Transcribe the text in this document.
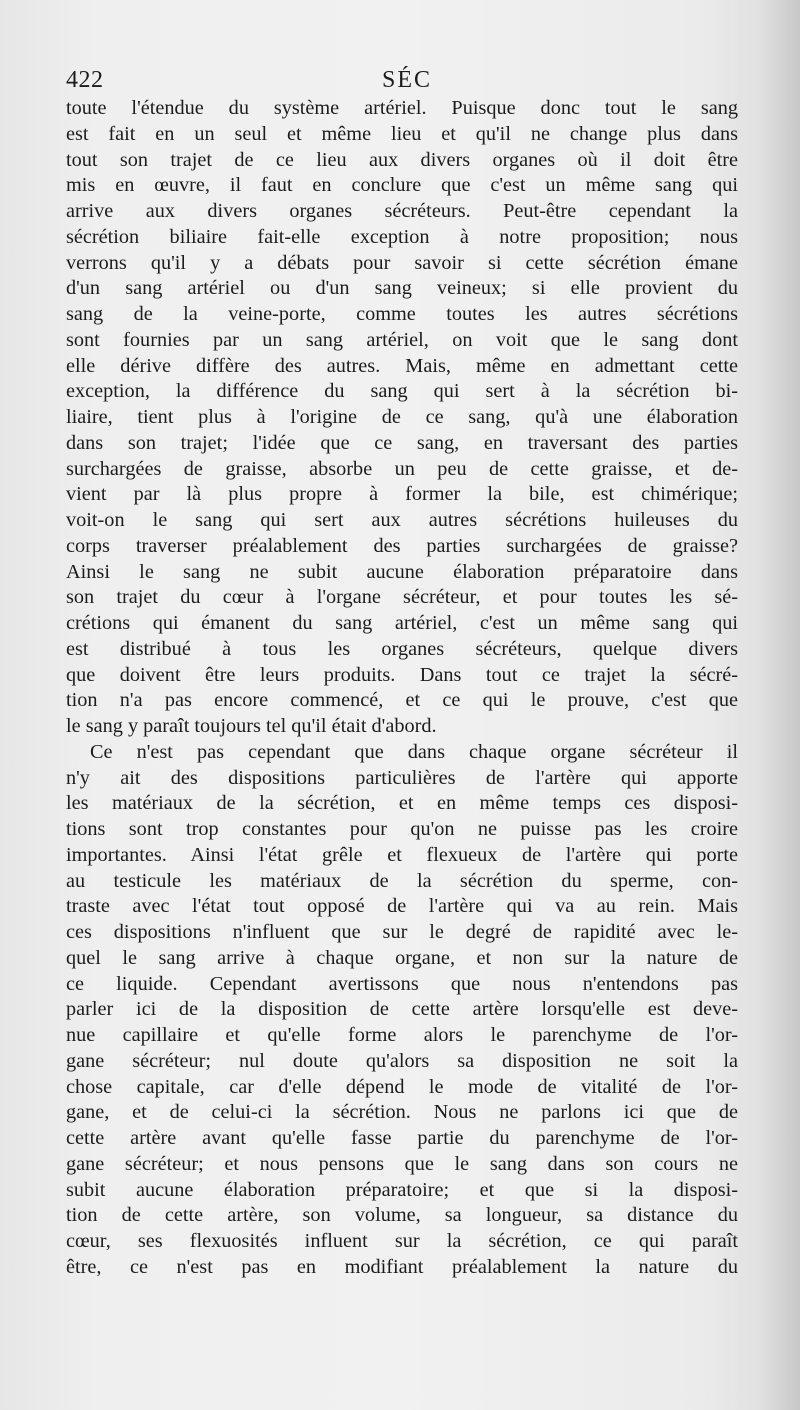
422	SÉC
toute l'étendue du système artériel. Puisque donc tout le sang
est fait en un seul et même lieu et qu'il ne change plus dans
tout son trajet de ce lieu aux divers organes où il doit être
mis en œuvre, il faut en conclure que c'est un même sang qui
arrive aux divers organes sécréteurs. Peut-être cependant la
sécrétion biliaire fait-elle exception à notre proposition; nous
verrons qu'il y a débats pour savoir si cette sécrétion émane
d'un sang artériel ou d'un sang veineux; si elle provient du
sang de la veine-porte, comme toutes les autres sécrétions
sont fournies par un sang artériel, on voit que le sang dont
elle dérive diffère des autres. Mais, même en admettant cette
exception, la différence du sang qui sert à la sécrétion bi-
liaire, tient plus à l'origine de ce sang, qu'à une élaboration
dans son trajet; l'idée que ce sang, en traversant des parties
surchargées de graisse, absorbe un peu de cette graisse, et de-
vient par là plus propre à former la bile, est chimérique;
voit-on le sang qui sert aux autres sécrétions huileuses du
corps traverser préalablement des parties surchargées de graisse?
Ainsi le sang ne subit aucune élaboration préparatoire dans
son trajet du cœur à l'organe sécréteur, et pour toutes les sé-
crétions qui émanent du sang artériel, c'est un même sang qui
est distribué à tous les organes sécréteurs, quelque divers
que doivent être leurs produits. Dans tout ce trajet la sécré-
tion n'a pas encore commencé, et ce qui le prouve, c'est que
le sang y paraît toujours tel qu'il était d'abord.
Ce n'est pas cependant que dans chaque organe sécréteur il
n'y ait des dispositions particulières de l'artère qui apporte
les matériaux de la sécrétion, et en même temps ces disposi-
tions sont trop constantes pour qu'on ne puisse pas les croire
importantes. Ainsi l'état grêle et flexueux de l'artère qui porte
au testicule les matériaux de la sécrétion du sperme, con-
traste avec l'état tout opposé de l'artère qui va au rein. Mais
ces dispositions n'influent que sur le degré de rapidité avec le-
quel le sang arrive à chaque organe, et non sur la nature de
ce liquide. Cependant avertissons que nous n'entendons pas
parler ici de la disposition de cette artère lorsqu'elle est deve-
nue capillaire et qu'elle forme alors le parenchyme de l'or-
gane sécréteur; nul doute qu'alors sa disposition ne soit la
chose capitale, car d'elle dépend le mode de vitalité de l'or-
gane, et de celui-ci la sécrétion. Nous ne parlons ici que de
cette artère avant qu'elle fasse partie du parenchyme de l'or-
gane sécréteur; et nous pensons que le sang dans son cours ne
subit aucune élaboration préparatoire; et que si la disposi-
tion de cette artère, son volume, sa longueur, sa distance du
cœur, ses flexuosités influent sur la sécrétion, ce qui paraît
être, ce n'est pas en modifiant préalablement la nature du
